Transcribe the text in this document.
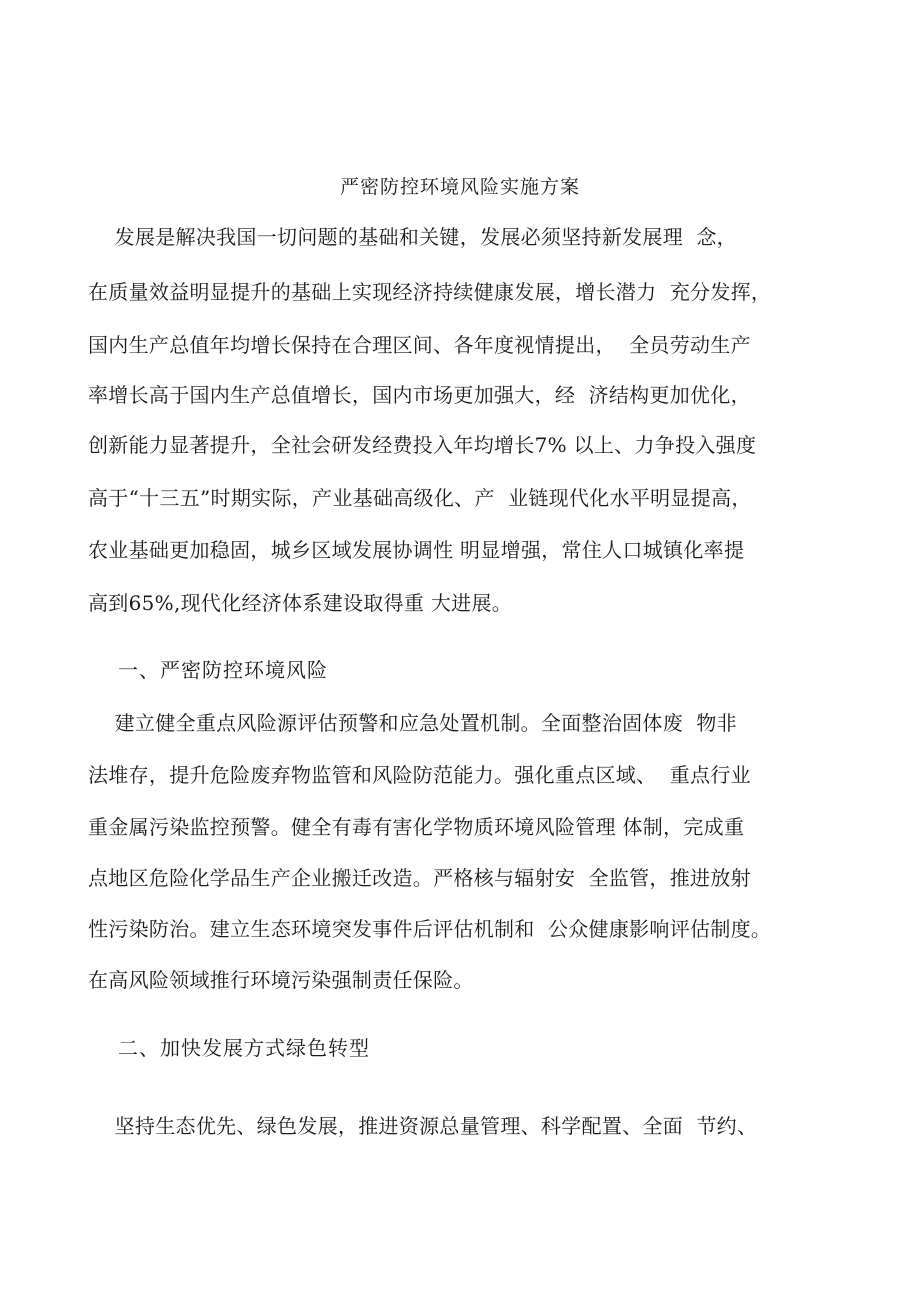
严密防控环境风险实施方案
发展是解决我国一切问题的基础和关键，发展必须坚持新发展理  念，
在质量效益明显提升的基础上实现经济持续健康发展，增长潜力  充分发挥，
国内生产总值年均增长保持在合理区间、各年度视情提出，  全员劳动生产
率增长高于国内生产总值增长，国内市场更加强大，经  济结构更加优化，
创新能力显著提升，全社会研发经费投入年均增长7% 以上、力争投入强度
高于“十三五”时期实际，产业基础高级化、产  业链现代化水平明显提高，
农业基础更加稳固，城乡区域发展协调性 明显增强，常住人口城镇化率提
高到65%,现代化经济体系建设取得重 大进展。
一、严密防控环境风险
建立健全重点风险源评估预警和应急处置机制。全面整治固体废  物非
法堆存，提升危险废弃物监管和风险防范能力。强化重点区域、  重点行业
重金属污染监控预警。健全有毒有害化学物质环境风险管理 体制，完成重
点地区危险化学品生产企业搬迁改造。严格核与辐射安  全监管，推进放射
性污染防治。建立生态环境突发事件后评估机制和  公众健康影响评估制度。
在高风险领域推行环境污染强制责任保险。
二、加快发展方式绿色转型
坚持生态优先、绿色发展，推进资源总量管理、科学配置、全面  节约、
